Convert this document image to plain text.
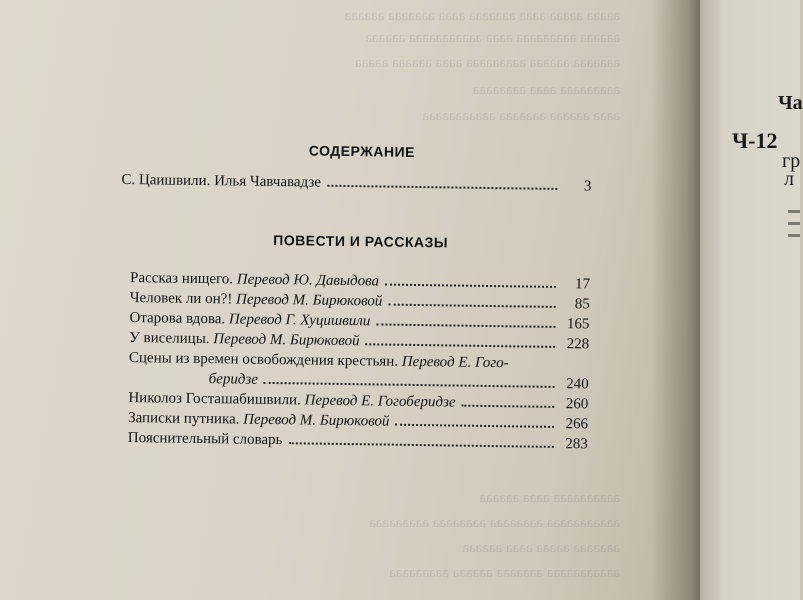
ааааа ааааа аааа ааааааа аааа ааааааа аааааа
аааааа ааааааааа аааа ааааааааааа аааааа
ааааааа аааааа ааааааааа аааа аааааа ааааа
ааааааааа аааа аааааааа
аааа аааааа ааааааа ааааааааааа
аааааааааа аааа аааааа
ааааааааааа аааааааа аааааааа ааааааааа
ааааааа ааааа аааа аааааа
ааааааааааа ааааааа аааааа ааааааааа
СОДЕРЖАНИЕ
С. Цаишвили. Илья Чавчавадзе	3
ПОВЕСТИ И РАССКАЗЫ
Рассказ нищего. Перевод Ю. Давыдова	17
Человек ли он?! Перевод М. Бирюковой	85
Отарова вдова. Перевод Г. Хуцишвили	165
У виселицы. Перевод М. Бирюковой	228
Сцены из времен освобождения крестьян. Перевод Е. Гого-
беридзе	240
Николоз Госташабишвили. Перевод Е. Гогоберидзе	260
Записки путника. Перевод М. Бирюковой	266
Пояснительный словарь	283
Ча
Ч-12
гр
л
